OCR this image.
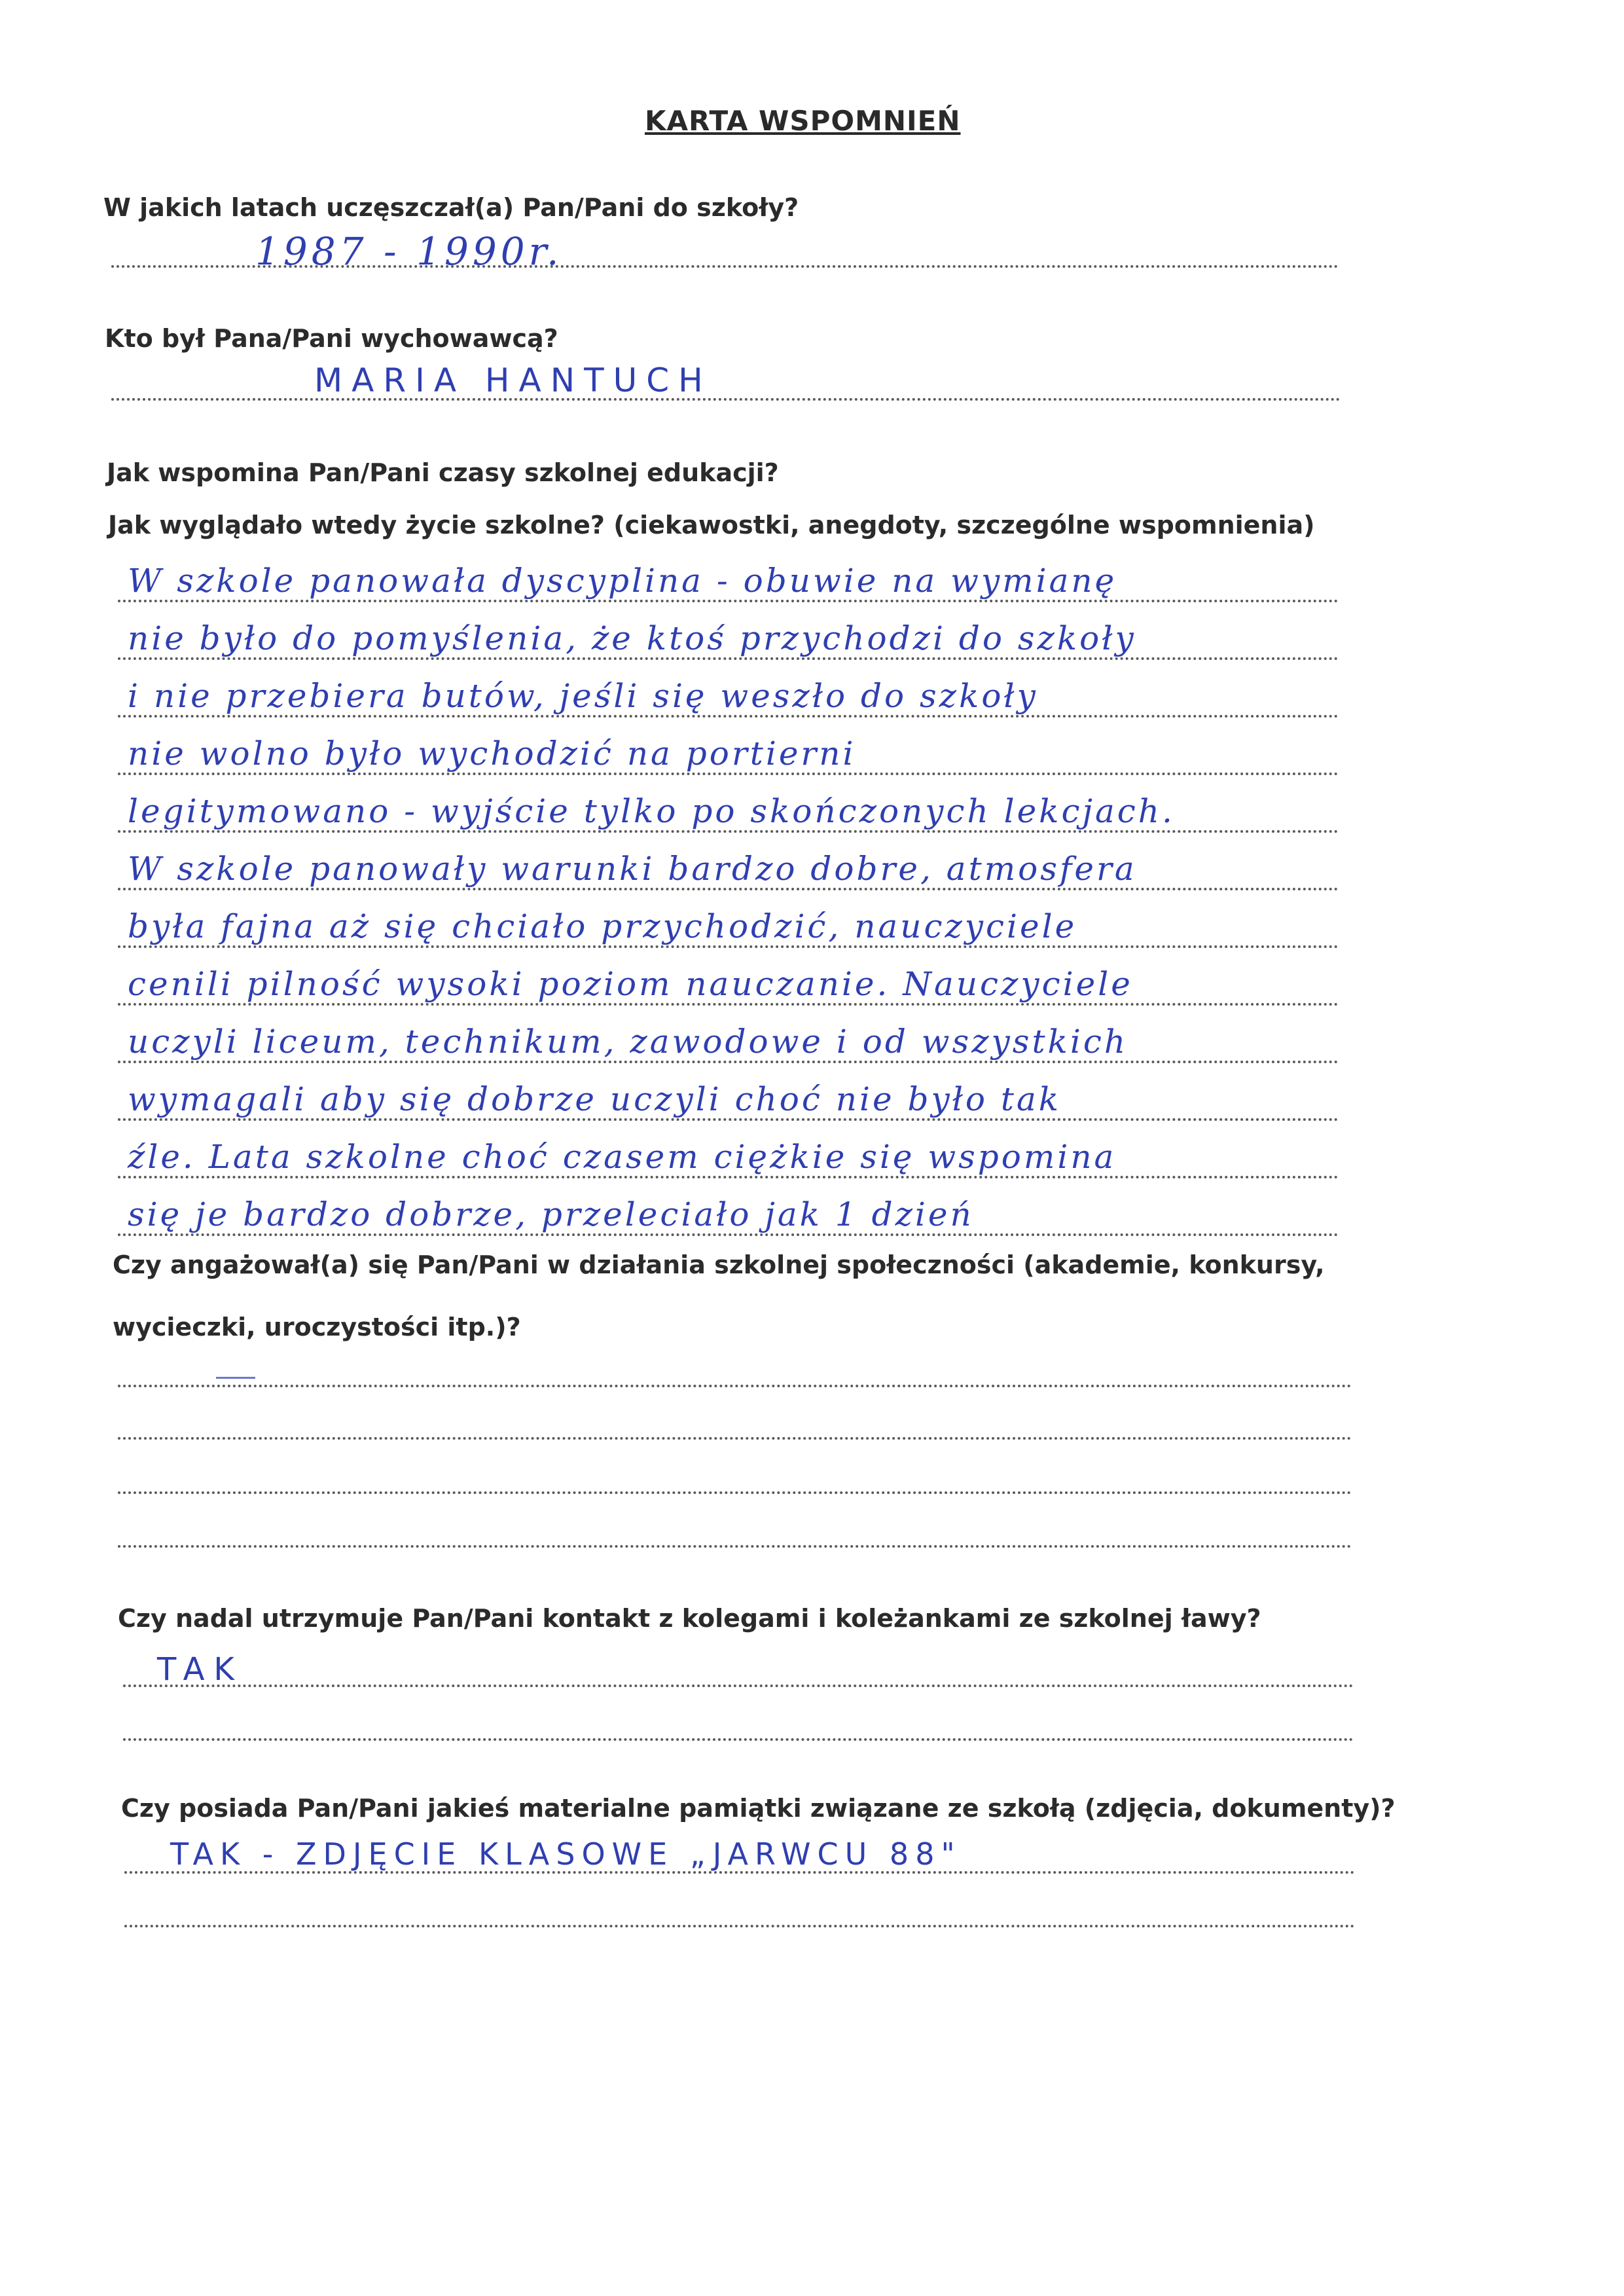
KARTA WSPOMNIEŃ
W jakich latach uczęszczał(a) Pan/Pani do szkoły?
1987 - 1990r.
Kto był Pana/Pani wychowawcą?
MARIA HANTUCH
Jak wspomina Pan/Pani czasy szkolnej edukacji?
Jak wyglądało wtedy życie szkolne? (ciekawostki, anegdoty, szczególne wspomnienia)
W szkole panowała dyscyplina - obuwie na wymianę
nie było do pomyślenia, że ktoś przychodzi do szkoły
i nie przebiera butów, jeśli się weszło do szkoły
nie wolno było wychodzić na portierni
legitymowano - wyjście tylko po skończonych lekcjach.
W szkole panowały warunki bardzo dobre, atmosfera
była fajna aż się chciało przychodzić, nauczyciele
cenili pilność wysoki poziom nauczanie. Nauczyciele
uczyli liceum, technikum, zawodowe i od wszystkich
wymagali aby się dobrze uczyli choć nie było tak
źle. Lata szkolne choć czasem ciężkie się wspomina
się je bardzo dobrze, przeleciało jak 1 dzień
Czy angażował(a) się Pan/Pani w działania szkolnej społeczności (akademie, konkursy,
wycieczki, uroczystości itp.)?
Czy nadal utrzymuje Pan/Pani kontakt z kolegami i koleżankami ze szkolnej ławy?
TAK
Czy posiada Pan/Pani jakieś materialne pamiątki związane ze szkołą (zdjęcia, dokumenty)?
TAK - ZDJĘCIE KLASOWE „JARWCU 88"
